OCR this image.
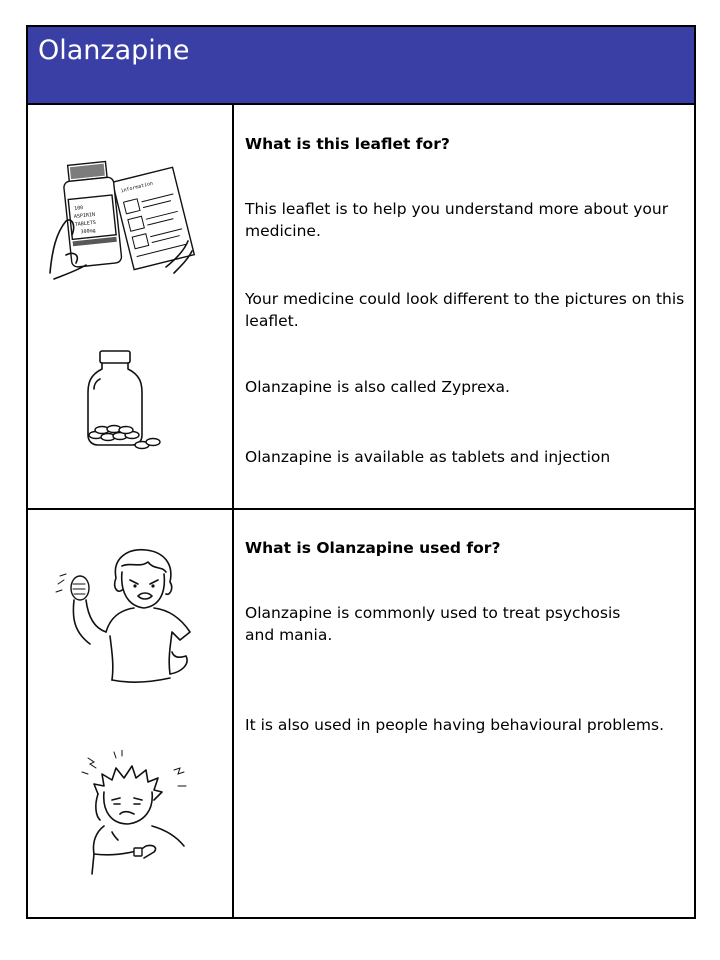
Olanzapine
information
100
ASPIRIN
TABLETS
300mg

What is this leaflet for?

This leaflet is to help you understand more about your medicine.

Your medicine could look different to the pictures on this leaflet.

Olanzapine is also called Zyprexa.

Olanzapine is available as tablets and injection

What is Olanzapine used for?

Olanzapine is commonly used to treat psychosis
and mania.

It is also used in people having behavioural problems.
